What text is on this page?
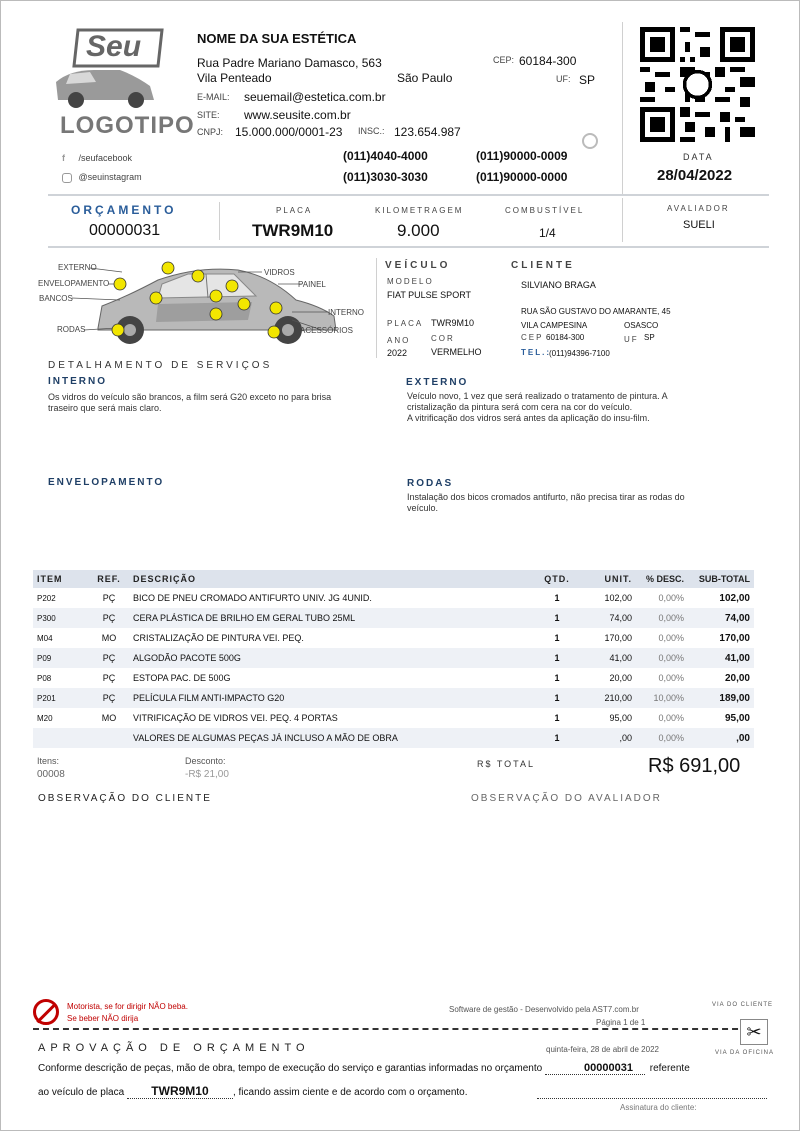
Seu
LOGOTIPO
f /seufacebook
@seuinstagram
NOME DA SUA ESTÉTICA
Rua Padre Mariano Damasco, 563
Vila Penteado	São Paulo
CEP: 60184-300
UF: SP
E-MAIL: seuemail@estetica.com.br
SITE: www.seusite.com.br
CNPJ: 15.000.000/0001-23 INSC.: 123.654.987
(011)4040-4000	(011)90000-0009
(011)3030-3030	(011)90000-0000
DATA
28/04/2022
ORÇAMENTO
00000031
PLACA
TWR9M10
KILOMETRAGEM
9.000
COMBUSTÍVEL
1/4
AVALIADOR
SUELI
EXTERNO
ENVELOPAMENTO
BANCOS
RODAS
VIDROS
PAINEL
INTERNO
ACESSÓRIOS
VEÍCULO
MODELO
FIAT PULSE SPORT
PLACA TWR9M10
ANO	COR
2022	VERMELHO
CLIENTE
SILVIANO BRAGA
RUA SÃO GUSTAVO DO AMARANTE, 45
VILA CAMPESINA	OSASCO
CEP 60184-300	UF SP
TEL.:
(011)94396-7100
DETALHAMENTO DE SERVIÇOS
INTERNO
Os vidros do veículo são brancos, a film será G20 exceto no para brisa
traseiro que será mais claro.
EXTERNO
Veículo novo, 1 vez que será realizado o tratamento de pintura. A
cristalização da pintura será com cera na cor do veículo.
A vitrificação dos vidros será antes da aplicação do insu-film.
ENVELOPAMENTO	RODAS
Instalação dos bicos cromados antifurto, não precisa tirar as rodas do
veículo.
ITEM	REF.	DESCRIÇÃO	QTD.	UNIT.	% DESC.	SUB-TOTAL
P202	PÇ	BICO DE PNEU CROMADO ANTIFURTO UNIV. JG 4UNID.	1	102,00	0,00%	102,00
P300	PÇ	CERA PLÁSTICA DE BRILHO EM GERAL TUBO 25ML	1	74,00	0,00%	74,00
M04	MO	CRISTALIZAÇÃO DE PINTURA VEI. PEQ.	1	170,00	0,00%	170,00
P09	PÇ	ALGODÃO PACOTE 500G	1	41,00	0,00%	41,00
P08	PÇ	ESTOPA PAC. DE 500G	1	20,00	0,00%	20,00
P201	PÇ	PELÍCULA FILM ANTI-IMPACTO G20	1	210,00	10,00%	189,00
M20	MO	VITRIFICAÇÃO DE VIDROS VEI. PEQ. 4 PORTAS	1	95,00	0,00%	95,00
		VALORES DE ALGUMAS PEÇAS JÁ INCLUSO A MÃO DE OBRA	1	,00	0,00%	,00
Itens:
00008
Desconto:
-R$ 21,00
R$ TOTAL	R$ 691,00
OBSERVAÇÃO DO CLIENTE	OBSERVAÇÃO DO AVALIADOR
Motorista, se for dirigir NÃO beba.
Se beber NÃO dirija
Software de gestão - Desenvolvido pela AST7.com.br
Página 1 de 1
VIA DO CLIENTE
✂
VIA DA OFICINA
APROVAÇÃO DE ORÇAMENTO	quinta-feira, 28 de abril de 2022
Conforme descrição de peças, mão de obra, tempo de execução do serviço e garantias informadas no orçamento	00000031 referente
ao veículo de placa TWR9M10 , ficando assim ciente e de acordo com o orçamento.
Assinatura do cliente:
